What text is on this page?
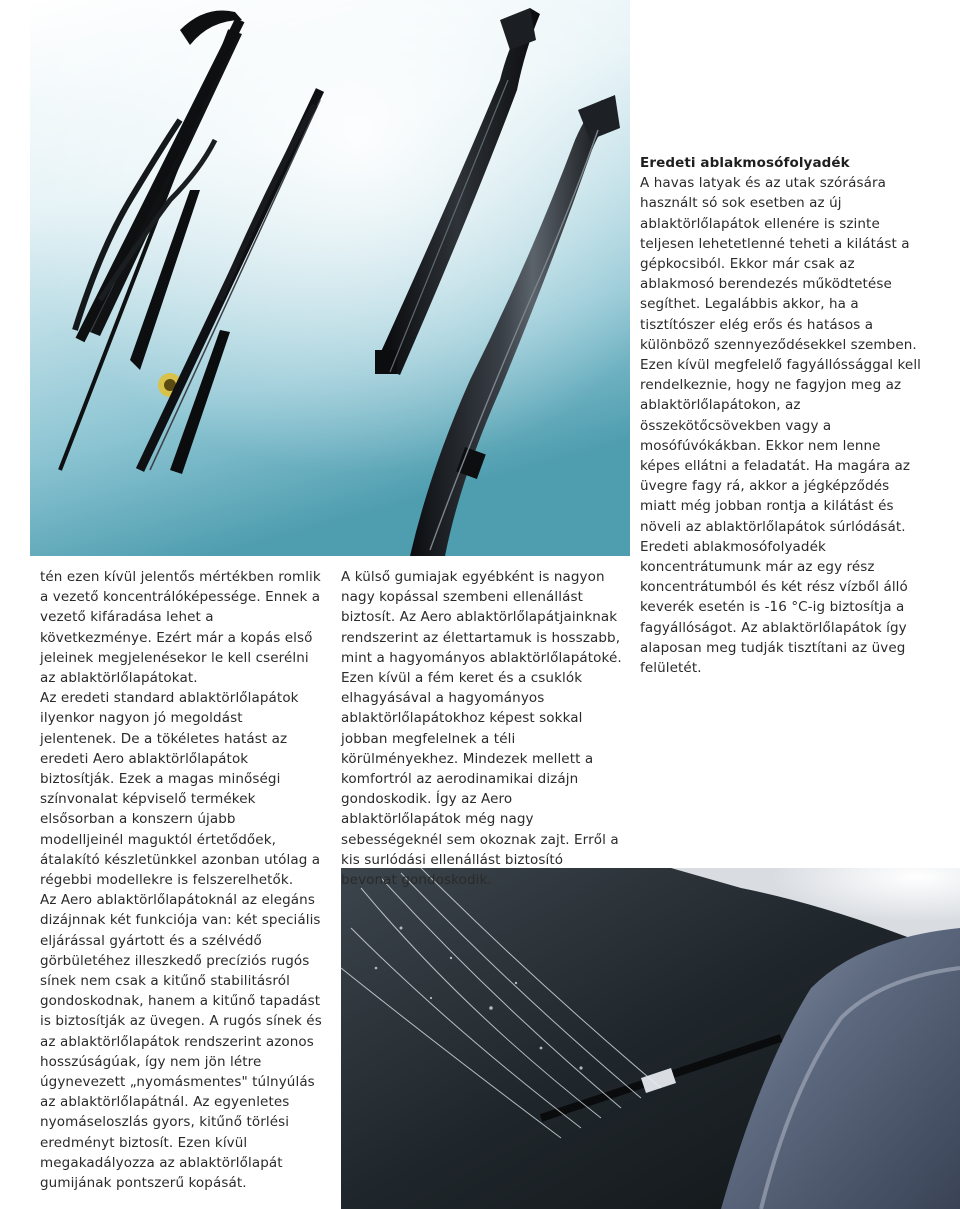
tén ezen kívül jelentős mértékben romlik a vezető koncentrálóképessége. Ennek a vezető kifáradása lehet a következménye. Ezért már a kopás első jeleinek megjelenésekor le kell cserélni az ablaktörlőlapátokat.

Az eredeti standard ablaktörlőlapátok ilyenkor nagyon jó megoldást jelentenek. De a tökéletes hatást az eredeti Aero ablaktörlőlapátok biztosítják. Ezek a magas minőségi színvonalat képviselő termékek elsősorban a konszern újabb modelljeinél maguktól értetődőek, átalakító készletünkkel azonban utólag a régebbi modellekre is felszerelhetők.

Az Aero ablaktörlőlapátoknál az elegáns dizájnnak két funkciója van: két speciális eljárással gyártott és a szélvédő görbületéhez illeszkedő precíziós rugós sínek nem csak a kitűnő stabilitásról gondoskodnak, hanem a kitűnő tapadást is biztosítják az üvegen. A rugós sínek és az ablaktörlőlapátok rendszerint azonos hosszúságúak, így nem jön létre úgynevezett „nyomásmentes" túlnyúlás az ablaktörlőlapátnál. Az egyenletes nyomáseloszlás gyors, kitűnő törlési eredményt biztosít. Ezen kívül megakadályozza az ablaktörlőlapát gumijának pontszerű kopását.

A külső gumiajak egyébként is nagyon nagy kopással szembeni ellenállást biztosít. Az Aero ablaktörlőlapátjainknak rendszerint az élettartamuk is hosszabb, mint a hagyományos ablaktörlőlapátoké. Ezen kívül a fém keret és a csuklók elhagyásával a hagyományos ablaktörlőlapátokhoz képest sokkal jobban megfelelnek a téli körülményekhez. Mindezek mellett a komfortról az aerodinamikai dizájn gondoskodik. Így az Aero ablaktörlőlapátok még nagy sebességeknél sem okoznak zajt. Erről a kis surlódási ellenállást biztosító bevonat gondoskodik.

Eredeti ablakmosófolyadék

A havas latyak és az utak szórására használt só sok esetben az új ablaktörlőlapátok ellenére is szinte teljesen lehetetlenné teheti a kilátást a gépkocsiból. Ekkor már csak az ablakmosó berendezés működtetése segíthet. Legalábbis akkor, ha a tisztítószer elég erős és hatásos a különböző szennyeződésekkel szemben. Ezen kívül megfelelő fagyállóssággal kell rendelkeznie, hogy ne fagyjon meg az ablaktörlőlapátokon, az összekötőcsövekben vagy a mosófúvókákban. Ekkor nem lenne képes ellátni a feladatát. Ha magára az üvegre fagy rá, akkor a jégképződés miatt még jobban rontja a kilátást és növeli az ablaktörlőlapátok súrlódását. Eredeti ablakmosófolyadék koncentrátumunk már az egy rész koncentrátumból és két rész vízből álló keverék esetén is -16 °C-ig biztosítja a fagyállóságot. Az ablaktörlőlapátok így alaposan meg tudják tisztítani az üveg felületét.
